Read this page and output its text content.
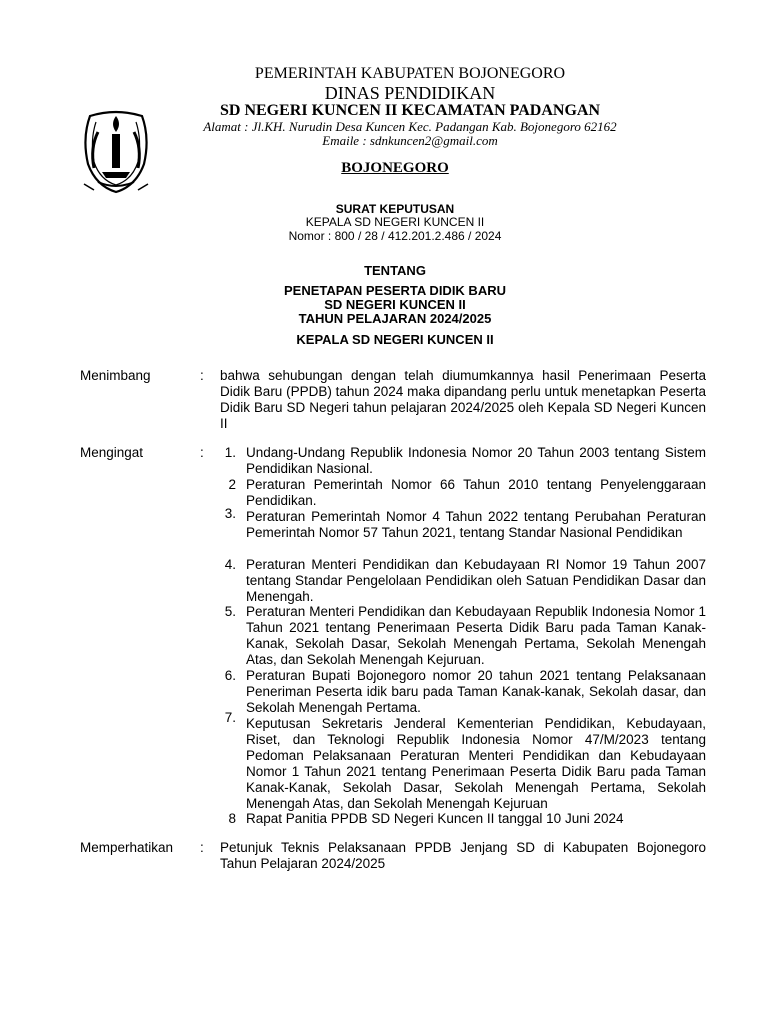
PEMERINTAH KABUPATEN BOJONEGORO
DINAS PENDIDIKAN
SD NEGERI KUNCEN II KECAMATAN PADANGAN
Alamat : Jl.KH. Nurudin Desa Kuncen Kec. Padangan Kab. Bojonegoro 62162
Emaile : sdnkuncen2@gmail.com
BOJONEGORO
SURAT KEPUTUSAN
KEPALA SD NEGERI KUNCEN II
Nomor : 800 / 28 / 412.201.2.486 / 2024
TENTANG
PENETAPAN PESERTA DIDIK BARU
SD NEGERI KUNCEN II
TAHUN PELAJARAN 2024/2025
KEPALA SD NEGERI KUNCEN II
Menimbang	: bahwa sehubungan dengan telah diumumkannya hasil Penerimaan Peserta Didik Baru (PPDB) tahun 2024 maka dipandang perlu untuk menetapkan Peserta Didik Baru SD Negeri tahun pelajaran 2024/2025 oleh Kepala SD Negeri Kuncen II
Mengingat	:	1. Undang-Undang Republik Indonesia Nomor 20 Tahun 2003 tentang Sistem Pendidikan Nasional.
2 Peraturan Pemerintah Nomor 66 Tahun 2010 tentang Penyelenggaraan Pendidikan.
3. Peraturan Pemerintah Nomor 4 Tahun 2022 tentang Perubahan Peraturan Pemerintah Nomor 57 Tahun 2021, tentang Standar Nasional Pendidikan
4. Peraturan Menteri Pendidikan dan Kebudayaan RI Nomor 19 Tahun 2007 tentang Standar Pengelolaan Pendidikan oleh Satuan Pendidikan Dasar dan Menengah.
5. Peraturan Menteri Pendidikan dan Kebudayaan Republik Indonesia Nomor 1 Tahun 2021 tentang Penerimaan Peserta Didik Baru pada Taman Kanak-Kanak, Sekolah Dasar, Sekolah Menengah Pertama, Sekolah Menengah Atas, dan Sekolah Menengah Kejuruan.
6. Peraturan Bupati Bojonegoro nomor 20 tahun 2021 tentang Pelaksanaan Peneriman Peserta idik baru pada Taman Kanak-kanak, Sekolah dasar, dan Sekolah Menengah Pertama.
7. Keputusan Sekretaris Jenderal Kementerian Pendidikan, Kebudayaan, Riset, dan Teknologi Republik Indonesia Nomor 47/M/2023 tentang Pedoman Pelaksanaan Peraturan Menteri Pendidikan dan Kebudayaan Nomor 1 Tahun 2021 tentang Penerimaan Peserta Didik Baru pada Taman Kanak-Kanak, Sekolah Dasar, Sekolah Menengah Pertama, Sekolah Menengah Atas, dan Sekolah Menengah Kejuruan
8 Rapat Panitia PPDB SD Negeri Kuncen II tanggal 10 Juni 2024
Memperhatikan : Petunjuk Teknis Pelaksanaan PPDB Jenjang SD di Kabupaten Bojonegoro Tahun Pelajaran 2024/2025
